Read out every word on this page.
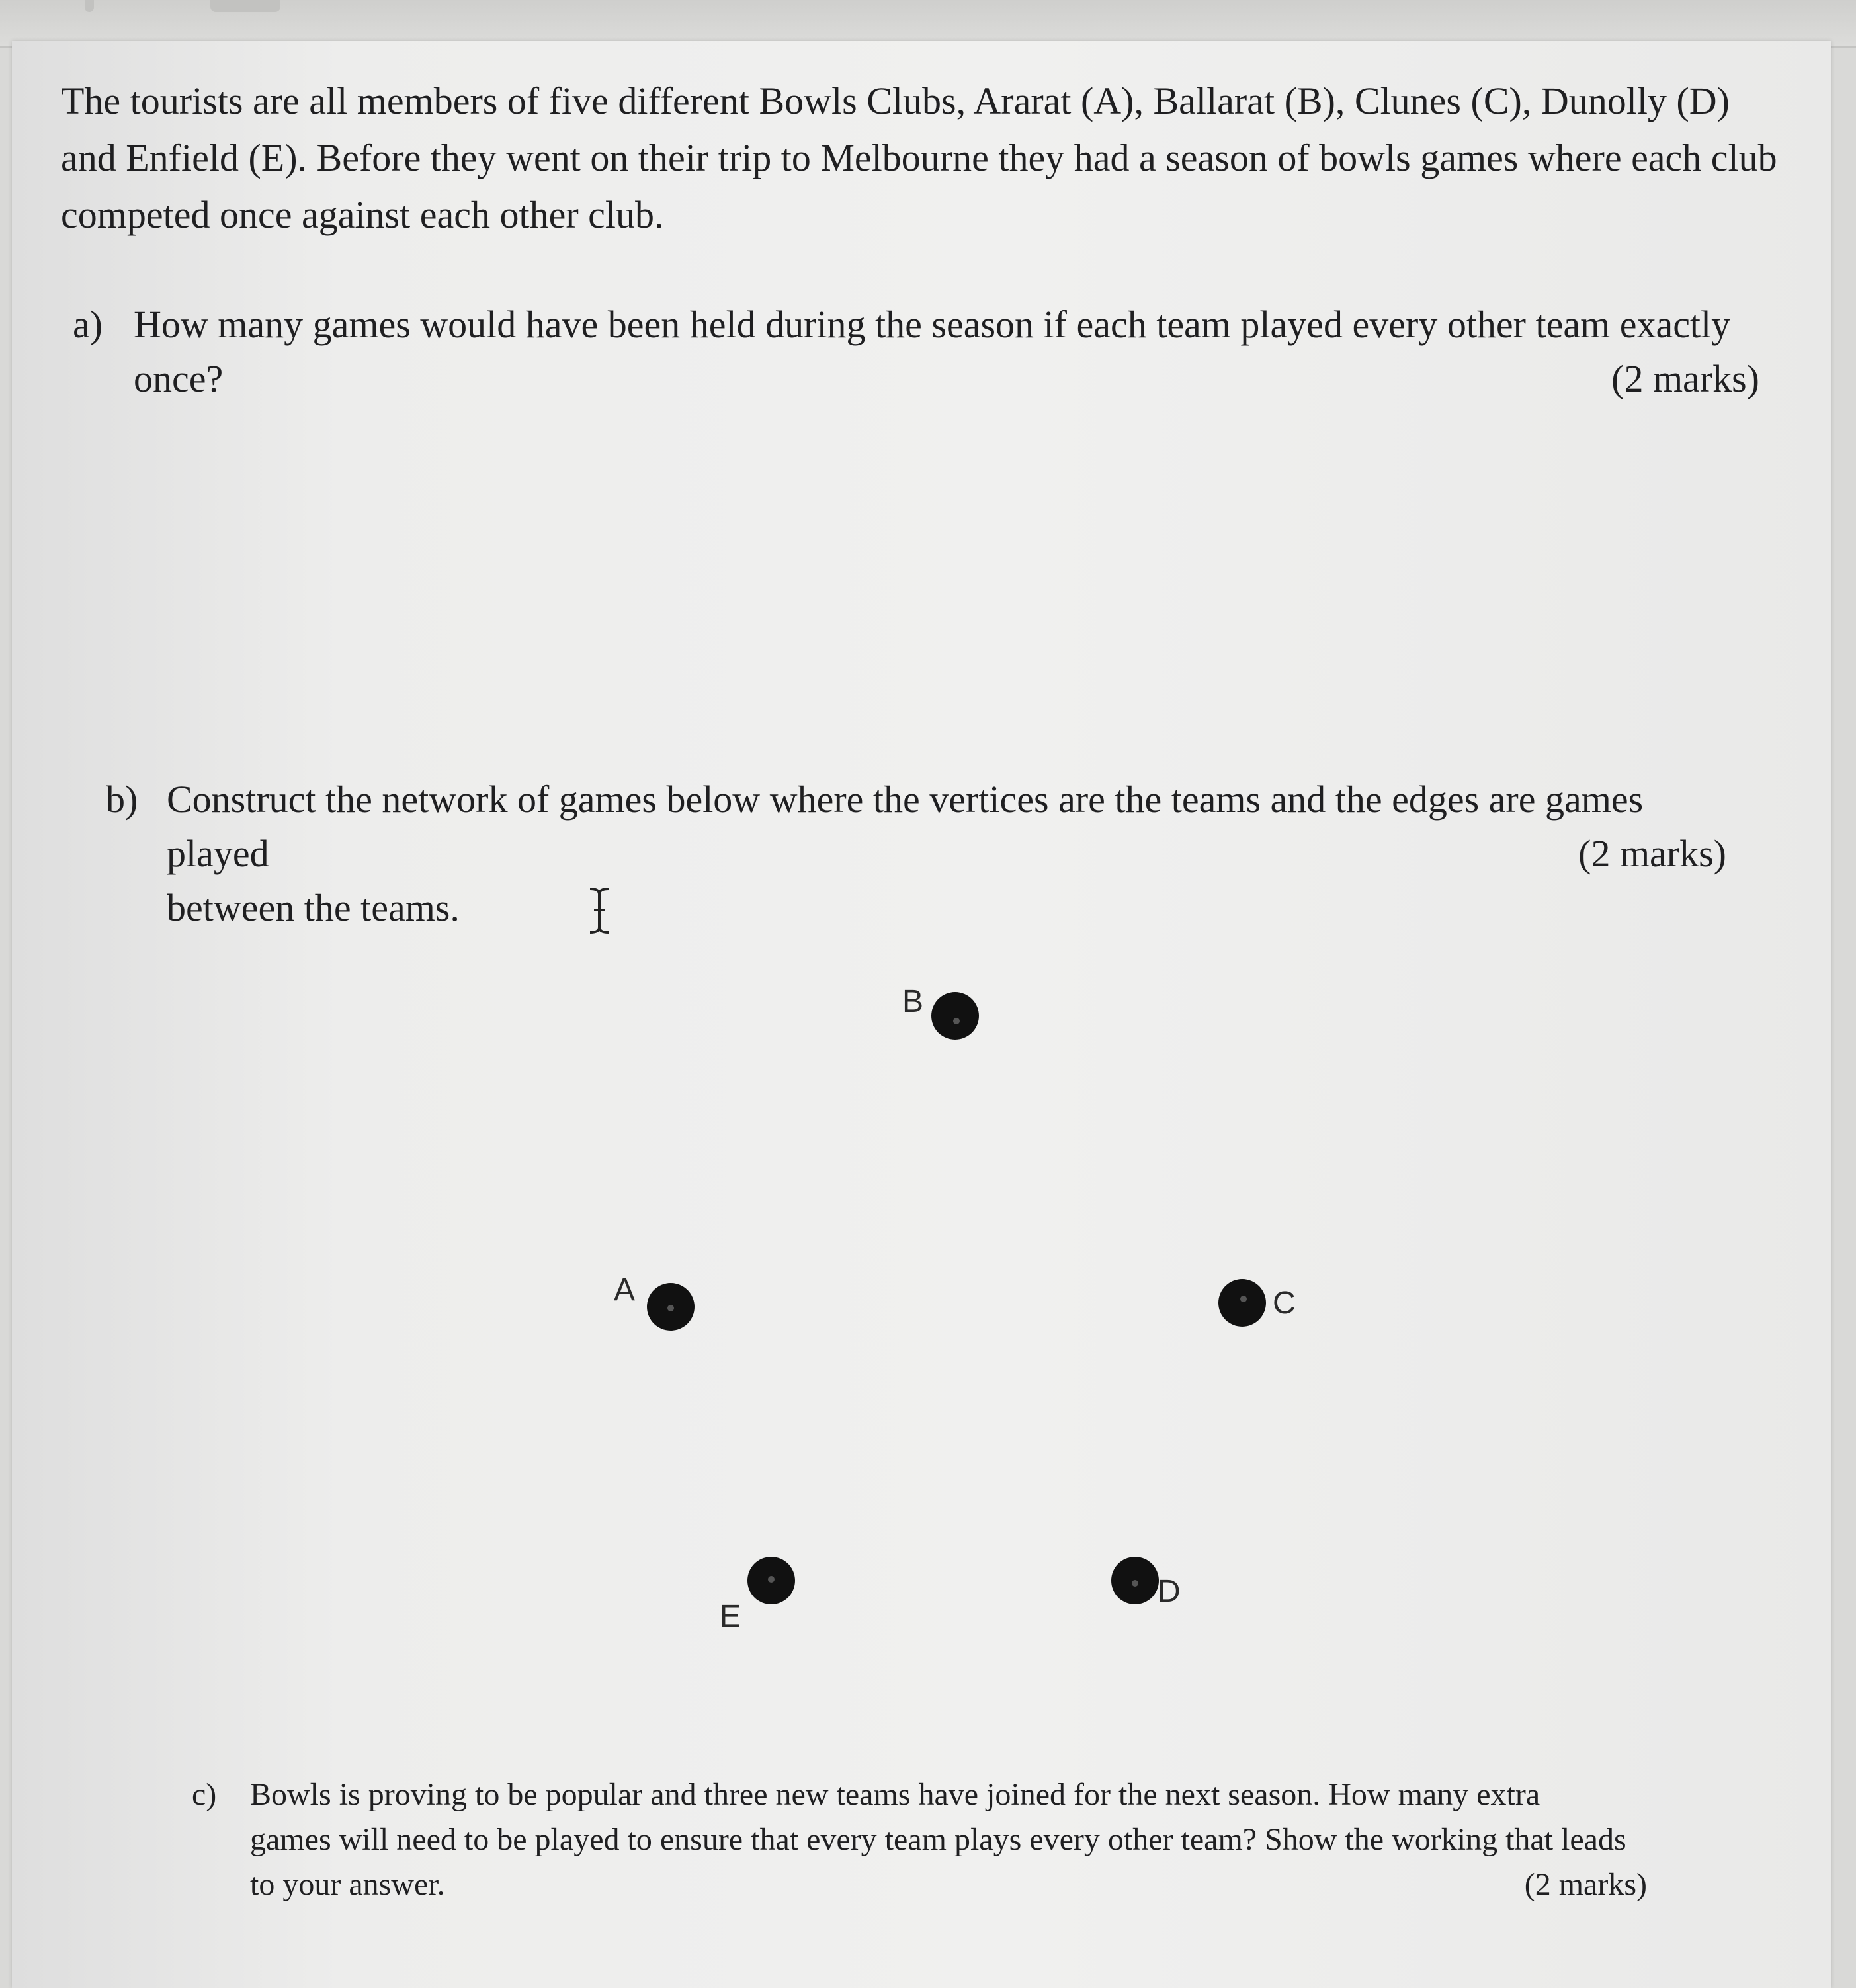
The tourists are all members of five different Bowls Clubs, Ararat (A), Ballarat (B), Clunes (C), Dunolly (D)
and Enfield (E). Before they went on their trip to Melbourne they had a season of bowls games where each club
competed once against each other club.
a) How many games would have been held during the season if each team played every other team exactly
once?	(2 marks)
b) Construct the network of games below where the vertices are the teams and the edges are games played
between the teams.
(2 marks)
B
A	C
E
D
c) Bowls is proving to be popular and three new teams have joined for the next season. How many extra
games will need to be played to ensure that every team plays every other team? Show the working that leads
to your answer.	(2 marks)
